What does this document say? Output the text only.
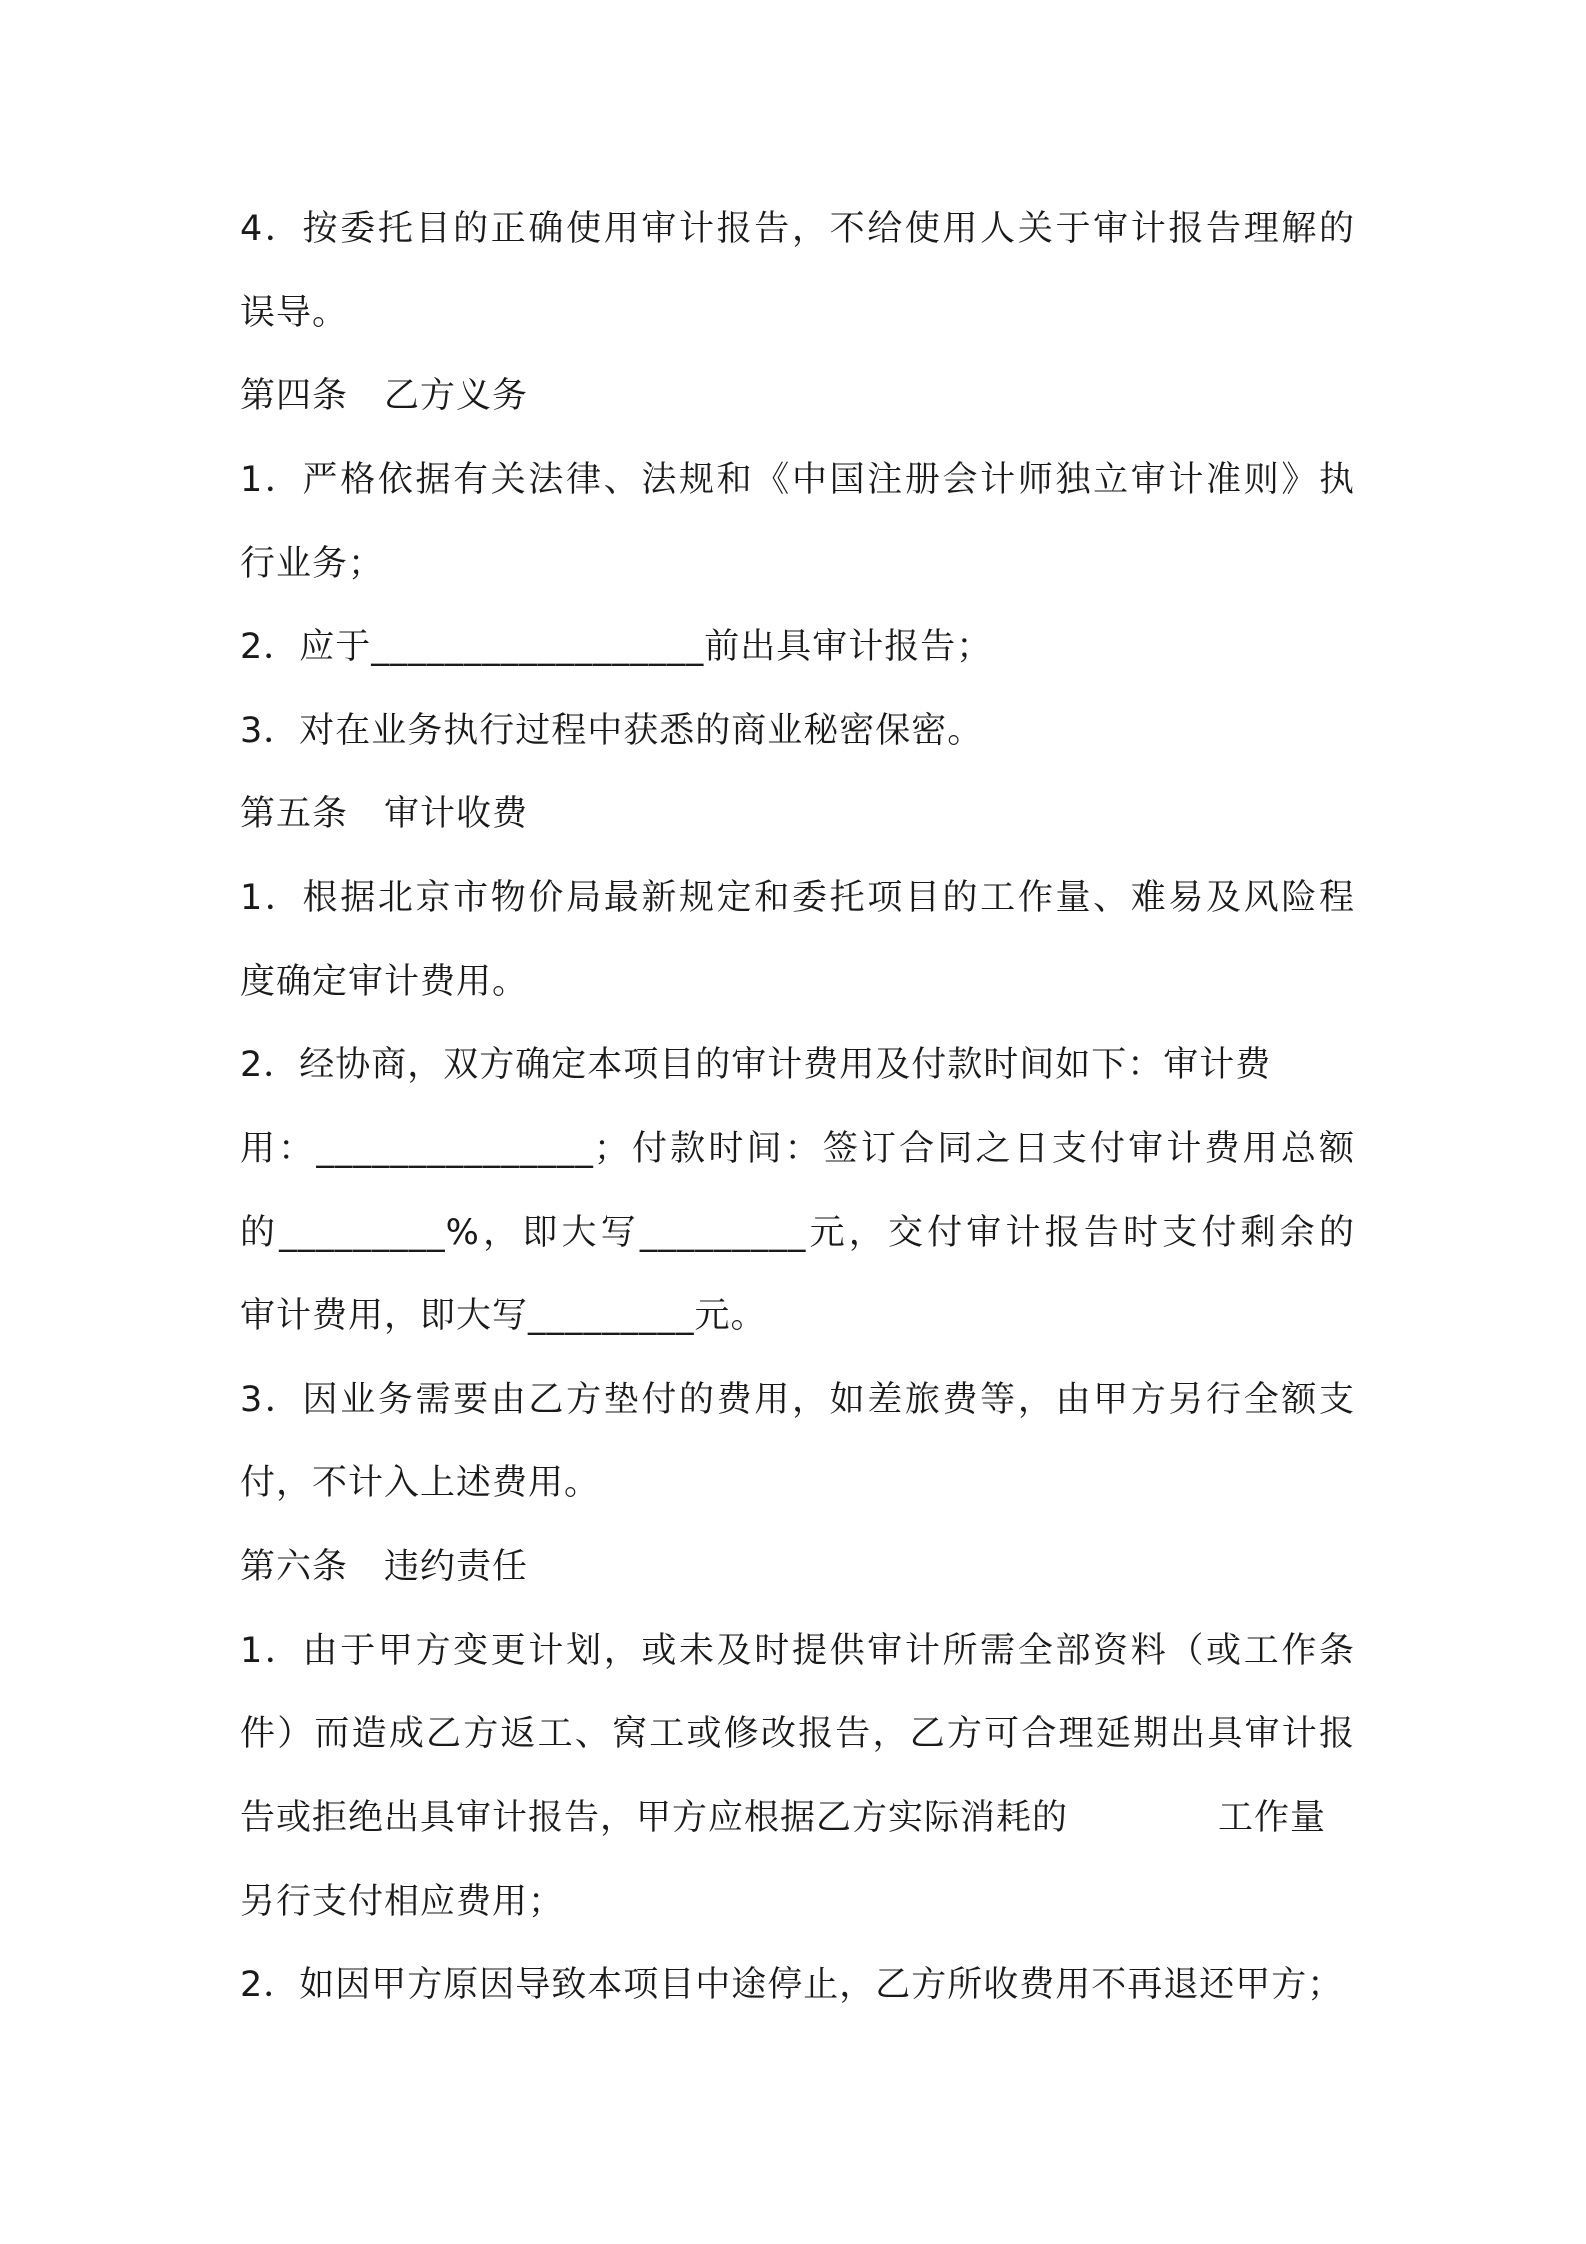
4．按委托目的正确使用审计报告，不给使用人关于审计报告理解的
误导。
第四条　乙方义务
1．严格依据有关法律、法规和《中国注册会计师独立审计准则》执
行业务；
2．应于__________________前出具审计报告；
3．对在业务执行过程中获悉的商业秘密保密。
第五条　审计收费
1．根据北京市物价局最新规定和委托项目的工作量、难易及风险程
度确定审计费用。
2．经协商，双方确定本项目的审计费用及付款时间如下：审计费
用：_______________；付款时间：签订合同之日支付审计费用总额
的_________%，即大写_________元，交付审计报告时支付剩余的
审计费用，即大写_________元。
3．因业务需要由乙方垫付的费用，如差旅费等，由甲方另行全额支
付，不计入上述费用。
第六条　违约责任
1．由于甲方变更计划，或未及时提供审计所需全部资料（或工作条
件）而造成乙方返工、窝工或修改报告，乙方可合理延期出具审计报
告或拒绝出具审计报告，甲方应根据乙方实际消耗的	工作量
另行支付相应费用；
2．如因甲方原因导致本项目中途停止，乙方所收费用不再退还甲方；
